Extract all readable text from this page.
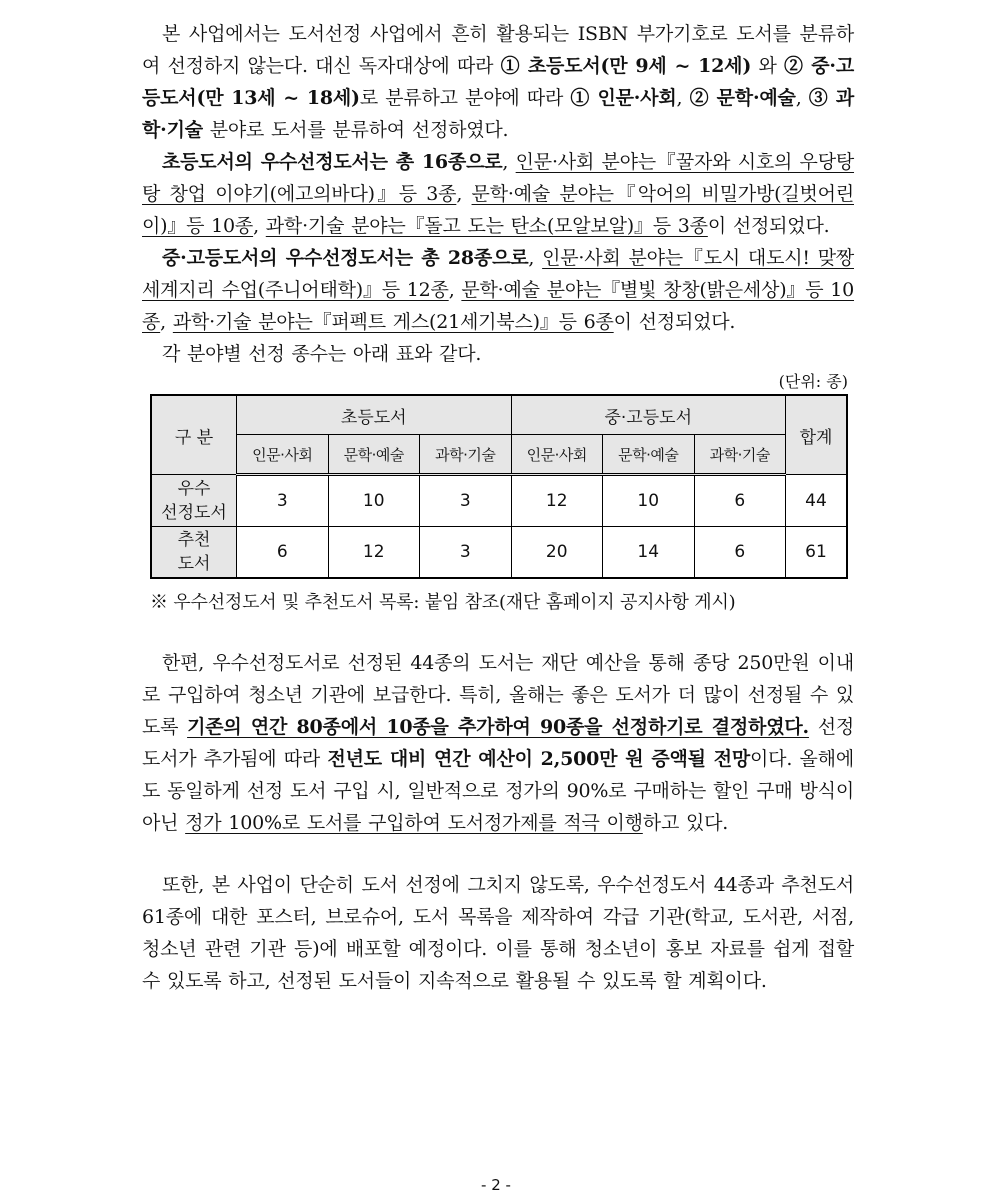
본 사업에서는 도서선정 사업에서 흔히 활용되는 ISBN 부가기호로 도서를 분류하여 선정하지 않는다. 대신 독자대상에 따라 ① 초등도서(만 9세 ~ 12세) 와 ② 중·고등도서(만 13세 ~ 18세)로 분류하고 분야에 따라 ① 인문·사회, ② 문학·예술, ③ 과학·기술 분야로 도서를 분류하여 선정하였다.

초등도서의 우수선정도서는 총 16종으로, 인문·사회 분야는『꿀자와 시호의 우당탕탕 창업 이야기(에고의바다)』등 3종, 문학·예술 분야는『악어의 비밀가방(길벗어린이)』등 10종, 과학·기술 분야는『돌고 도는 탄소(모알보알)』등 3종이 선정되었다.

중·고등도서의 우수선정도서는 총 28종으로, 인문·사회 분야는『도시 대도시! 맞짱 세계지리 수업(주니어태학)』등 12종, 문학·예술 분야는『별빛 창창(밝은세상)』등 10종, 과학·기술 분야는『퍼펙트 게스(21세기북스)』등 6종이 선정되었다.

각 분야별 선정 종수는 아래 표와 같다.

(단위: 종)

구 분	초등도서			중·고등도서			합계
	인문·사회	문학·예술	과학·기술	인문·사회	문학·예술	과학·기술	
우수
선정도서	3	10	3	12	10	6	44
추천
도서	6	12	3	20	14	6	61

※ 우수선정도서 및 추천도서 목록: 붙임 참조(재단 홈페이지 공지사항 게시)

한편, 우수선정도서로 선정된 44종의 도서는 재단 예산을 통해 종당 250만원 이내로 구입하여 청소년 기관에 보급한다. 특히, 올해는 좋은 도서가 더 많이 선정될 수 있도록 기존의 연간 80종에서 10종을 추가하여 90종을 선정하기로 결정하였다. 선정 도서가 추가됨에 따라 전년도 대비 연간 예산이 2,500만 원 증액될 전망이다. 올해에도 동일하게 선정 도서 구입 시, 일반적으로 정가의 90%로 구매하는 할인 구매 방식이 아닌 정가 100%로 도서를 구입하여 도서정가제를 적극 이행하고 있다.

또한, 본 사업이 단순히 도서 선정에 그치지 않도록, 우수선정도서 44종과 추천도서 61종에 대한 포스터, 브로슈어, 도서 목록을 제작하여 각급 기관(학교, 도서관, 서점, 청소년 관련 기관 등)에 배포할 예정이다. 이를 통해 청소년이 홍보 자료를 쉽게 접할 수 있도록 하고, 선정된 도서들이 지속적으로 활용될 수 있도록 할 계획이다.

- 2 -
